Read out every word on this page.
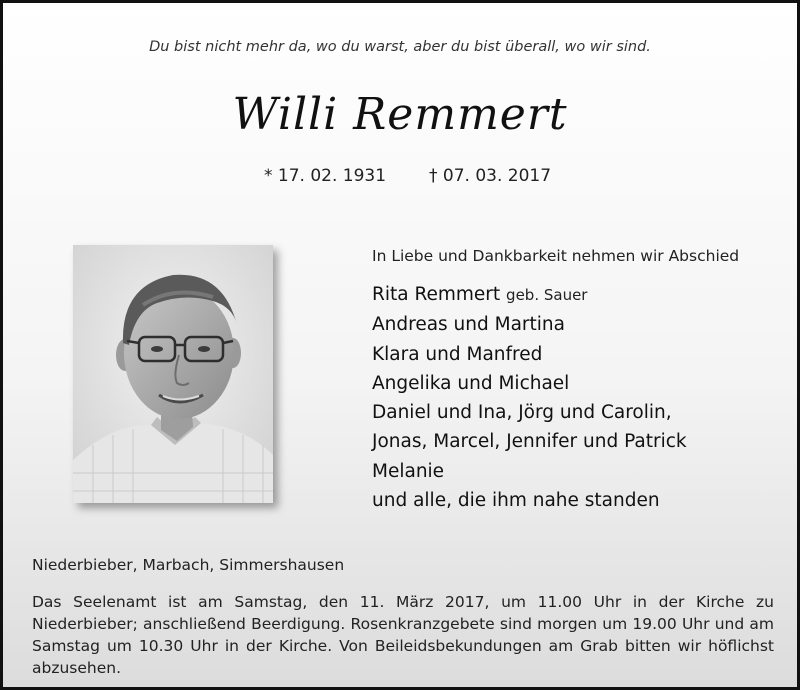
Du bist nicht mehr da, wo du warst, aber du bist überall, wo wir sind.
Willi Remmert
* 17. 02. 1931	† 07. 03. 2017
In Liebe und Dankbarkeit nehmen wir Abschied
Rita Remmert geb. Sauer
Andreas und Martina
Klara und Manfred
Angelika und Michael
Daniel und Ina, Jörg und Carolin,
Jonas, Marcel, Jennifer und Patrick
Melanie
und alle, die ihm nahe standen
Niederbieber, Marbach, Simmershausen

Das Seelenamt ist am Samstag, den 11. März 2017, um 11.00 Uhr in der Kirche zu Niederbieber; anschließend Beerdigung. Rosenkranzgebete sind morgen um 19.00 Uhr und am Samstag um 10.30 Uhr in der Kirche. Von Beileidsbekundungen am Grab bitten wir höflichst abzusehen.
